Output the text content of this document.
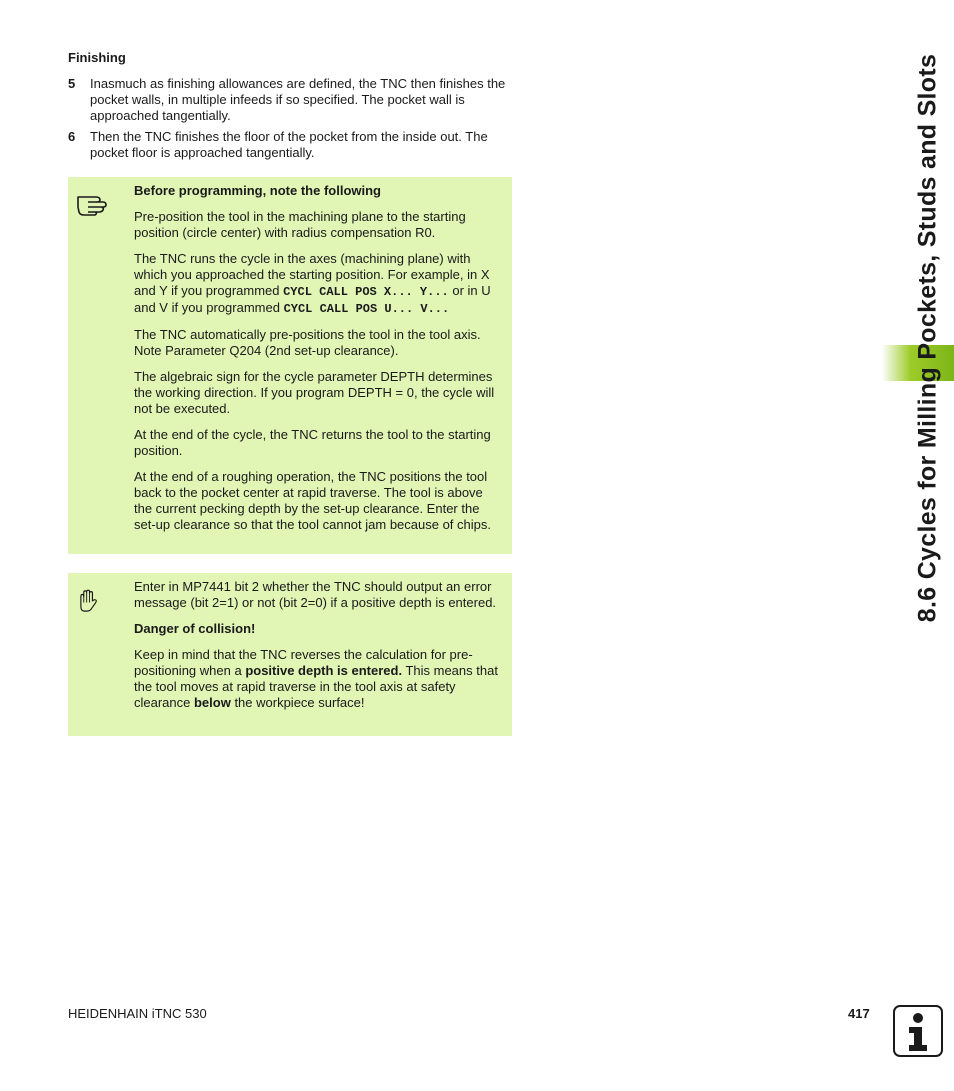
Finishing
5	Inasmuch as finishing allowances are defined, the TNC then finishes the pocket walls, in multiple infeeds if so specified. The pocket wall is approached tangentially.
6	Then the TNC finishes the floor of the pocket from the inside out. The pocket floor is approached tangentially.

Before programming, note the following

Pre-position the tool in the machining plane to the starting position (circle center) with radius compensation R0.

The TNC runs the cycle in the axes (machining plane) with which you approached the starting position. For example, in X and Y if you programmed CYCL CALL POS X... Y... or in U and V if you programmed CYCL CALL POS U... V...

The TNC automatically pre-positions the tool in the tool axis. Note Parameter Q204 (2nd set-up clearance).

The algebraic sign for the cycle parameter DEPTH determines the working direction. If you program DEPTH = 0, the cycle will not be executed.

At the end of the cycle, the TNC returns the tool to the starting position.

At the end of a roughing operation, the TNC positions the tool back to the pocket center at rapid traverse. The tool is above the current pecking depth by the set-up clearance. Enter the set-up clearance so that the tool cannot jam because of chips.

Enter in MP7441 bit 2 whether the TNC should output an error message (bit 2=1) or not (bit 2=0) if a positive depth is entered.

Danger of collision!

Keep in mind that the TNC reverses the calculation for pre-positioning when a positive depth is entered. This means that the tool moves at rapid traverse in the tool axis at safety clearance below the workpiece surface!

8.6 Cycles for Milling Pockets, Studs and Slots
HEIDENHAIN iTNC 530	417
